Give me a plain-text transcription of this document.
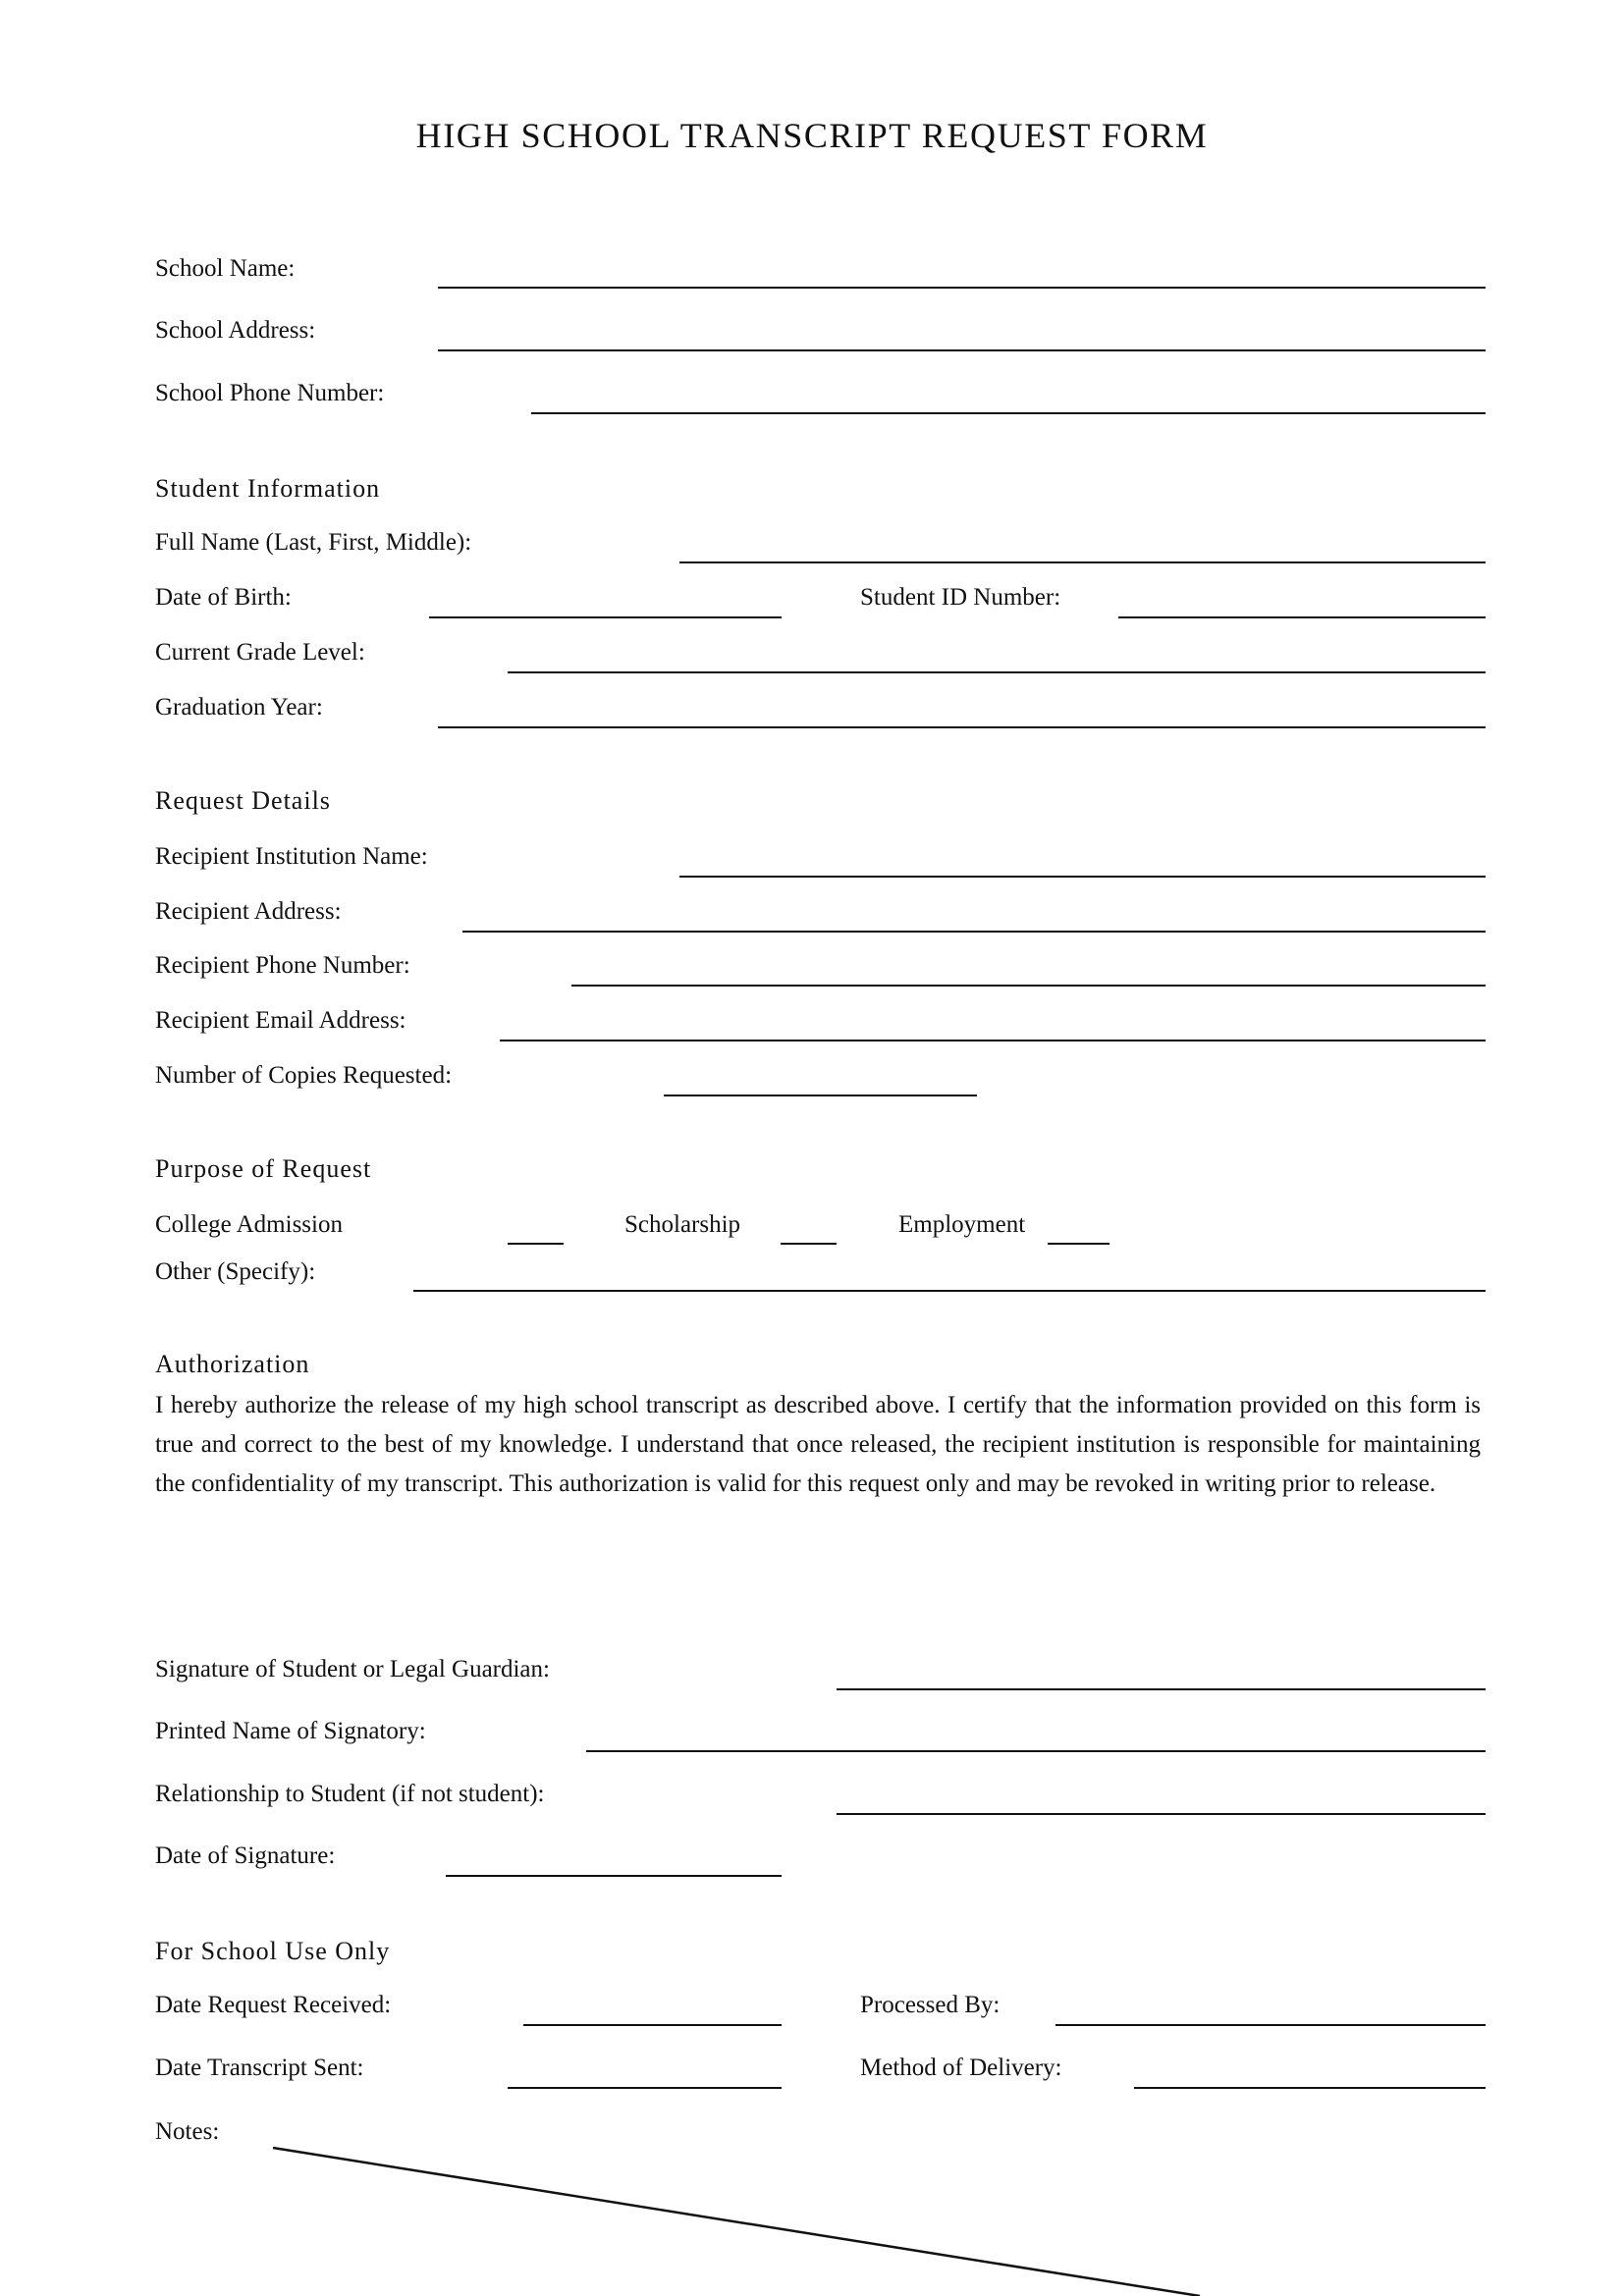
HIGH SCHOOL TRANSCRIPT REQUEST FORM
School Name:
School Address:
School Phone Number:
Student Information
Full Name (Last, First, Middle):
Date of Birth:	Student ID Number:
Current Grade Level:
Graduation Year:
Request Details
Recipient Institution Name:
Recipient Address:
Recipient Phone Number:
Recipient Email Address:
Number of Copies Requested:
Purpose of Request
College Admission	Scholarship	Employment
Other (Specify):
Authorization

I hereby authorize the release of my high school transcript as described above. I certify that the information provided on this form is true and correct to the best of my knowledge. I understand that once released, the recipient institution is responsible for maintaining the confidentiality of my transcript. This authorization is valid for this request only and may be revoked in writing prior to release.

Signature of Student or Legal Guardian:
Printed Name of Signatory:
Relationship to Student (if not student):
Date of Signature:
For School Use Only
Date Request Received:	Processed By:
Date Transcript Sent:	Method of Delivery:
Notes:
